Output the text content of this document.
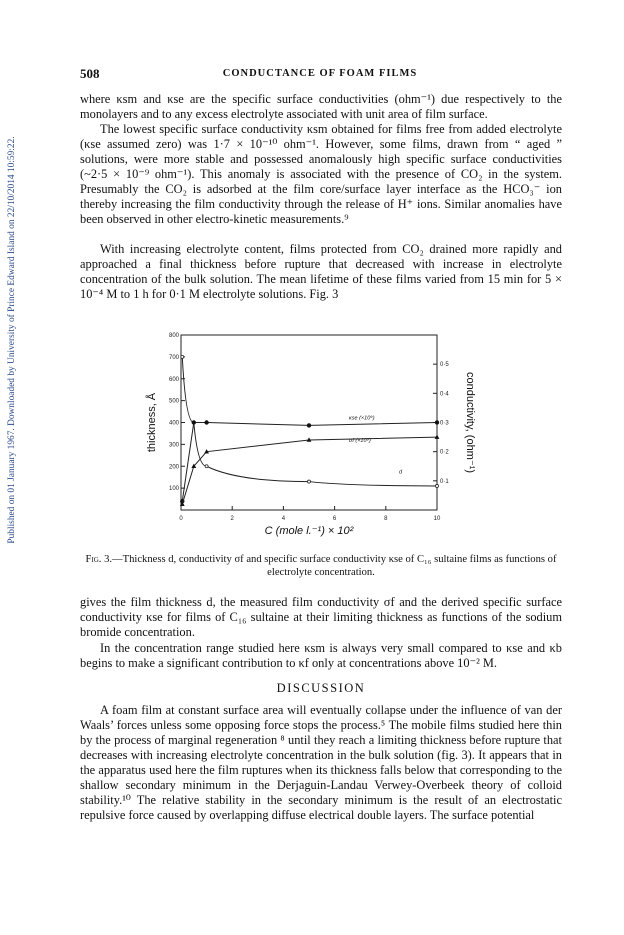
Published on 01 January 1967. Downloaded by University of Prince Edward Island on 22/10/2014 10:59:22.
508	CONDUCTANCE OF FOAM FILMS

where κsm and κse are the specific surface conductivities (ohm⁻¹) due respectively to the monolayers and to any excess electrolyte associated with unit area of film surface.

The lowest specific surface conductivity κsm obtained for films free from added electrolyte (κse assumed zero) was 1·7 × 10⁻¹⁰ ohm⁻¹. However, some films, drawn from “ aged ” solutions, were more stable and possessed anomalously high specific surface conductivities (~2·5 × 10⁻⁹ ohm⁻¹). This anomaly is associated with the presence of CO₂ in the system. Presumably the CO₂ is adsorbed at the film core/surface layer interface as the HCO₃⁻ ion thereby increasing the film conductivity through the release of H⁺ ions. Similar anomalies have been observed in other electro-kinetic measurements.⁹

With increasing electrolyte content, films protected from CO₂ drained more rapidly and approached a final thickness before rupture that decreased with increase in electrolyte concentration of the bulk solution. The mean lifetime of these films varied from 15 min for 5 × 10⁻⁴ M to 1 h for 0·1 M electrolyte solutions. Fig. 3

0	2	4	6	8	10
100
200
300
400
500
600
700
800
0·1
0·2
0·3
0·4
0·5
C (mole l.⁻¹) × 10²
thickness, Å	conductivity, (ohm⁻¹)
d
κse (×10⁹)
σf (×10⁹)

Fig. 3.—Thickness d, conductivity σf and specific surface conductivity κse of C₁₆ sultaine films as functions of electrolyte concentration.

gives the film thickness d, the measured film conductivity σf and the derived specific surface conductivity κse for films of C₁₆ sultaine at their limiting thickness as functions of the sodium bromide concentration.

In the concentration range studied here κsm is always very small compared to κse and κb begins to make a significant contribution to κf only at concentrations above 10⁻² M.

DISCUSSION

A foam film at constant surface area will eventually collapse under the influence of van der Waals’ forces unless some opposing force stops the process.⁵ The mobile films studied here thin by the process of marginal regeneration ⁸ until they reach a limiting thickness before rupture that decreases with increasing electrolyte concentration in the bulk solution (fig. 3). It appears that in the apparatus used here the film ruptures when its thickness falls below that corresponding to the shallow secondary minimum in the Derjaguin-Landau Verwey-Overbeek theory of colloid stability.¹⁰ The relative stability in the secondary minimum is the result of an electrostatic repulsive force caused by overlapping diffuse electrical double layers. The surface potential
